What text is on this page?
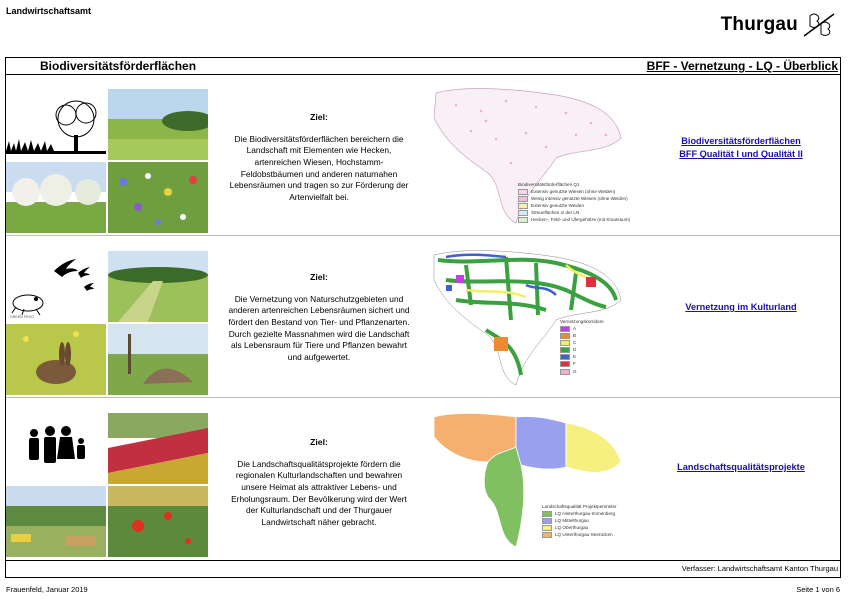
Landwirtschaftsamt
Thurgau
Biodiversitätsförderflächen	BFF - Vernetzung - LQ - Überblick
Ziel:
Die Biodiversitätsförderflächen bereichern die Landschaft mit Elementen wie Hecken, artenreichen Wiesen, Hochstamm-Feldobstbäumen und anderen naturnahen Lebensräumen und tragen so zur Förderung der Artenvielfalt bei.
Biodiversitätsförderflächen Q1
Extensiv genutzte Wiesen (ohne Weiden)
Wenig intensiv genutzte Wiesen (ohne Weiden)
Extensiv genutzte Weiden
Streueflächen in der LN
Hecken-, Feld- und Ufergehölze (mit Krautsaum)
Biodiversitätsförderflächen
BFF Qualität I und Qualität II
GREEN FROG
Ziel:
Die Vernetzung von Naturschutzgebieten und anderen artenreichen Lebensräumen sichert und fördert den Bestand von Tier- und Pflanzenarten. Durch gezielte Massnahmen wird die Landschaft als Lebensraum für Tiere und Pflanzen bewahrt und aufgewertet.
Vernetzungskorridore
A
B
C
D
E
F
G
Vernetzung im Kulturland
Ziel:
Die Landschaftsqualitätsprojekte fördern die regionalen Kulturlandschaften und bewahren unsere Heimat als attraktiver Lebens- und Erholungsraum. Der Bevölkerung wird der Wert der Kulturlandschaft und der Thurgauer Landwirtschaft näher gebracht.
Landschaftsqualität Projektperimeter
LQ Hinterthurgau-Immenberg
LQ Mittelthurgau
LQ Oberthurgau
LQ Unterthurgau-Seerücken
Landschaftsqualitätsprojekte
Verfasser: Landwirtschaftsamt Kanton Thurgau
Frauenfeld, Januar 2019	Seite 1 von 6
